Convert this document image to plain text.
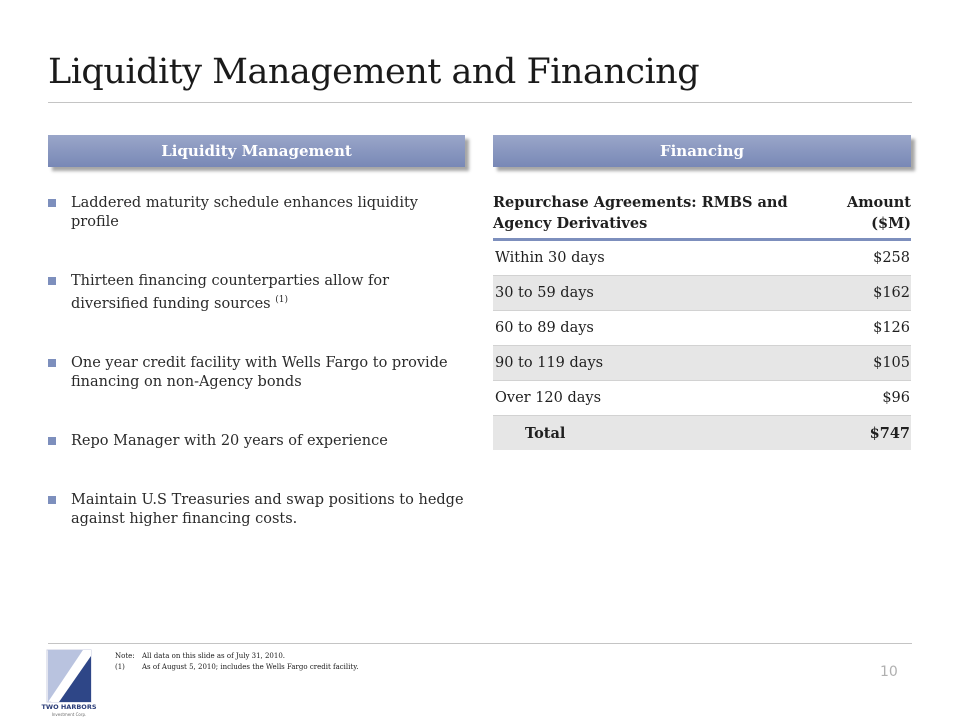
Liquidity Management and Financing
Liquidity Management
Laddered maturity schedule enhances liquidity profile
Thirteen financing counterparties allow for diversified funding sources $^{(1)}$
One year credit facility with Wells Fargo to provide financing on non-Agency bonds
Repo Manager with 20 years of experience
Maintain U.S Treasuries and swap positions to hedge against higher financing costs.
Financing
Repurchase Agreements: RMBS and Agency Derivatives
Amount
($M)
Within 30 days	$258
30 to 59 days	$162
60 to 89 days	$126
90 to 119 days	$105
Over 120 days	$96
Total	$747
TWO HARBORS
Investment Corp.
Note:	All data on this slide as of July 31, 2010.
(1)	As of August 5, 2010; includes the Wells Fargo credit facility.	10
